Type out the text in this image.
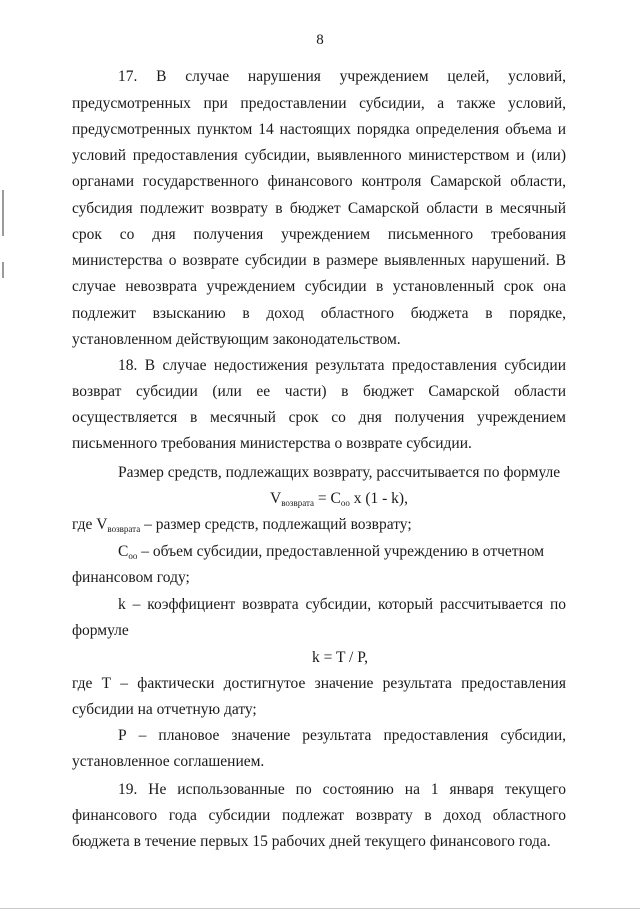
8
17. В случае нарушения учреждением целей, условий,
предусмотренных при предоставлении субсидии, а также условий,
предусмотренных пунктом 14 настоящих порядка определения объема и
условий предоставления субсидии, выявленного министерством и (или)
органами государственного финансового контроля Самарской области,
субсидия подлежит возврату в бюджет Самарской области в месячный
срок со дня получения учреждением письменного требования
министерства о возврате субсидии в размере выявленных нарушений. В
случае невозврата учреждением субсидии в установленный срок она
подлежит взысканию в доход областного бюджета в порядке,
установленном действующим законодательством.
18. В случае недостижения результата предоставления субсидии
возврат субсидии (или ее части) в бюджет Самарской области
осуществляется в месячный срок со дня получения учреждением
письменного требования министерства о возврате субсидии.
Размер средств, подлежащих возврату, рассчитывается по формуле
$V_{возврата} = C_{оо}$ x (1 - k),
где $V_{возврата}$ – размер средств, подлежащий возврату;
$C_{оо}$ – объем субсидии, предоставленной учреждению в отчетном
финансовом году;
k – коэффициент возврата субсидии, который рассчитывается по
формуле
k = T / P,
где Т – фактически достигнутое значение результата предоставления
субсидии на отчетную дату;
Р – плановое значение результата предоставления субсидии,
установленное соглашением.
19. Не использованные по состоянию на 1 января текущего
финансового года субсидии подлежат возврату в доход областного
бюджета в течение первых 15 рабочих дней текущего финансового года.
